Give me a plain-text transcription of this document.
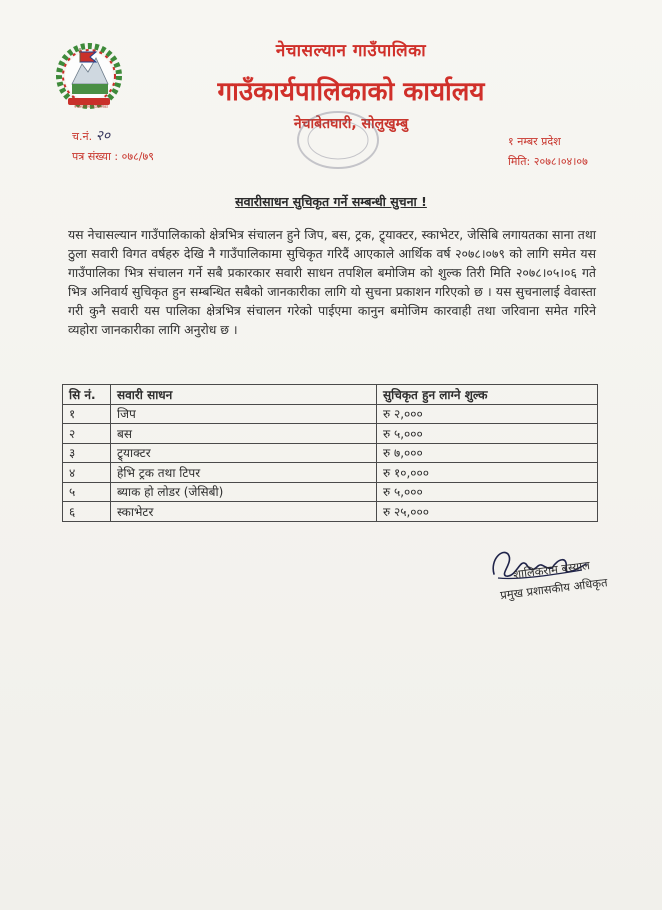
नेचासल्यान गाउँपालिका
नेचासल्यान गाउँपालिका
गाउँकार्यपालिकाको कार्यालय
नेचाबेतघारी, सोलुखुम्बु
च.नं. २०
पत्र संख्या : ०७८/७९
१ नम्बर प्रदेश
मिति: २०७८।०४।०७
सवारीसाधन सुचिकृत गर्ने सम्बन्धी सुचना !
यस नेचासल्यान गाउँपालिकाको क्षेत्रभित्र संचालन हुने जिप, बस, ट्रक, ट्र्याक्टर, स्काभेटर, जेसिबि लगायतका साना तथा ठुला सवारी विगत वर्षहरु देखि नै गाउँपालिकामा सुचिकृत गरिदैं आएकाले आर्थिक वर्ष २०७८।०७९ को लागि समेत यस गाउँपालिका भित्र संचालन गर्ने सबै प्रकारकार सवारी साधन तपशिल बमोजिम को शुल्क तिरी मिति २०७८।०५।०६ गते भित्र अनिवार्य सुचिकृत हुन सम्बन्धित सबैको जानकारीका लागि यो सुचना प्रकाशन गरिएको छ । यस सुचनालाई वेवास्ता गरी कुनै सवारी यस पालिका क्षेत्रभित्र संचालन गरेको पाईएमा कानुन बमोजिम कारवाही तथा जरिवाना समेत गरिने व्यहोरा जानकारीका लागि अनुरोध छ ।
सि नं.	सवारी साधन	सुचिकृत हुन लाग्ने शुल्क
१	जिप	रु २,०००
२	बस	रु ५,०००
३	ट्र्याक्टर	रु ७,०००
४	हेभि ट्रक तथा टिपर	रु १०,०००
५	ब्याक हो लोडर (जेसिबी)	रु ५,०००
६	स्काभेटर	रु २५,०००
शालिकराम बस्याल
प्रमुख प्रशासकीय अधिकृत
